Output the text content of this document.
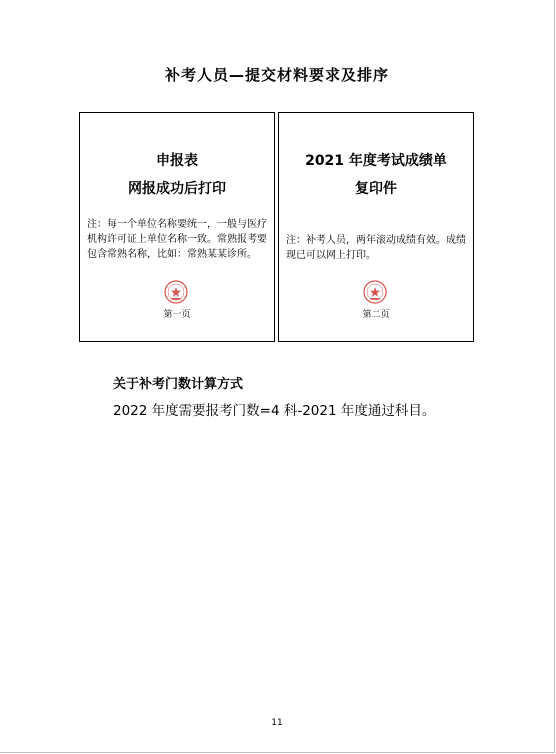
补考人员—提交材料要求及排序
申报表
网报成功后打印
注：每一个单位名称要统一，一般与医疗机构许可证上单位名称一致。常熟报考要包含常熟名称，比如：常熟某某诊所。
第一页
2021 年度考试成绩单
复印件
注：补考人员，两年滚动成绩有效。成绩现已可以网上打印。
第二页
关于补考门数计算方式
2022 年度需要报考门数=4 科-2021 年度通过科目。
11
